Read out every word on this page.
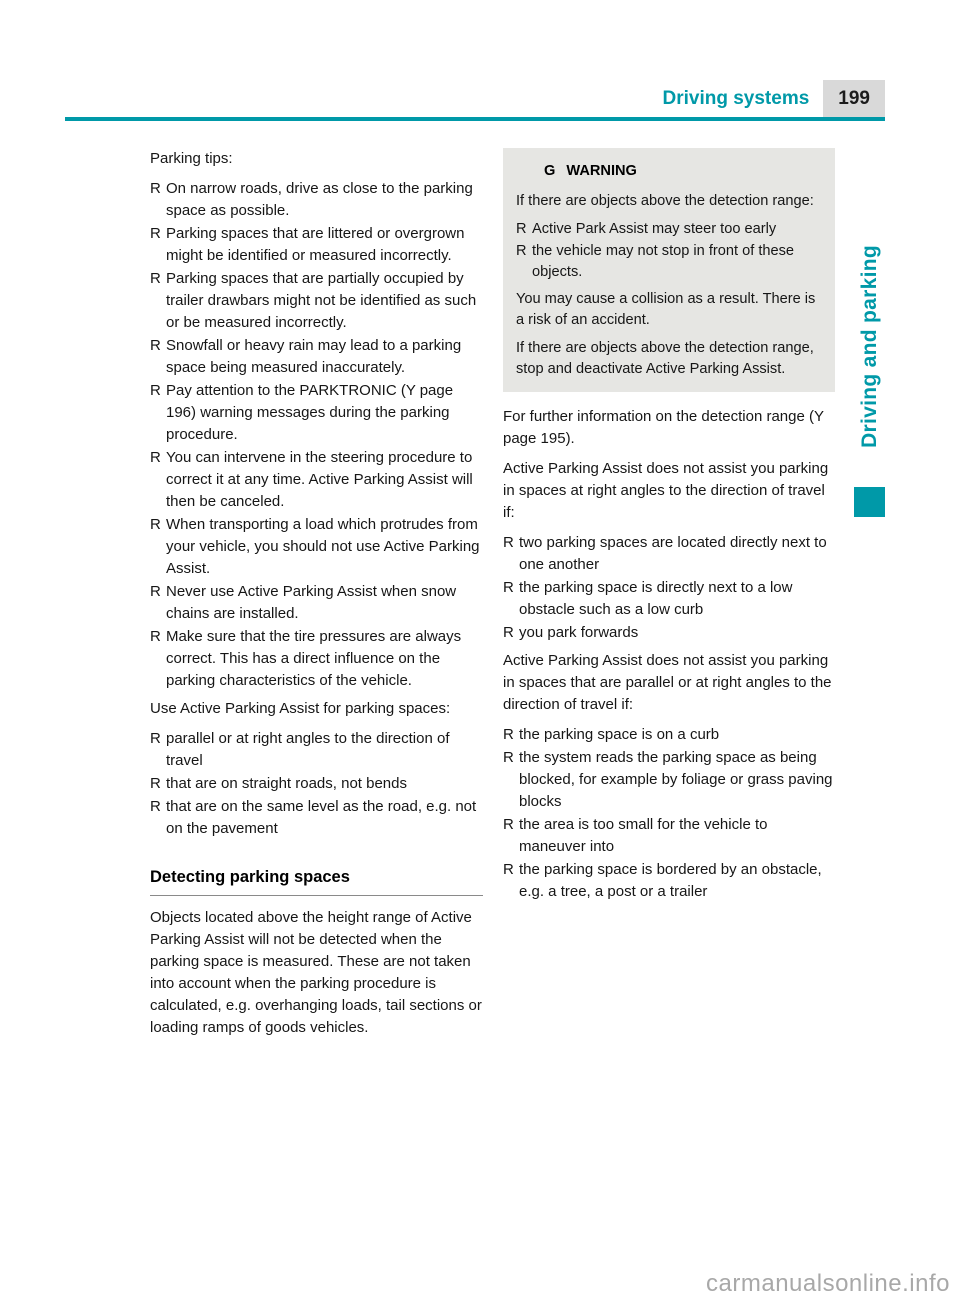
Driving systems	199
Driving and parking

Parking tips:

R On narrow roads, drive as close to the parking space as possible.
R Parking spaces that are littered or overgrown might be identified or measured incorrectly.
R Parking spaces that are partially occupied by trailer drawbars might not be identified as such or be measured incorrectly.
R Snowfall or heavy rain may lead to a parking space being measured inaccurately.
R Pay attention to the PARKTRONIC (Y page 196) warning messages during the parking procedure.
R You can intervene in the steering procedure to correct it at any time. Active Parking Assist will then be canceled.
R When transporting a load which protrudes from your vehicle, you should not use Active Parking Assist.
R Never use Active Parking Assist when snow chains are installed.
R Make sure that the tire pressures are always correct. This has a direct influence on the parking characteristics of the vehicle.

Use Active Parking Assist for parking spaces:

R parallel or at right angles to the direction of travel
R that are on straight roads, not bends
R that are on the same level as the road, e.g. not on the pavement
Detecting parking spaces

Objects located above the height range of Active Parking Assist will not be detected when the parking space is measured. These are not taken into account when the parking procedure is calculated, e.g. overhanging loads, tail sections or loading ramps of goods vehicles.

G WARNING

If there are objects above the detection range:

R Active Park Assist may steer too early
R the vehicle may not stop in front of these objects.

You may cause a collision as a result. There is a risk of an accident.

If there are objects above the detection range, stop and deactivate Active Parking Assist.

For further information on the detection range (Y page 195).

Active Parking Assist does not assist you parking in spaces at right angles to the direction of travel if:

R two parking spaces are located directly next to one another
R the parking space is directly next to a low obstacle such as a low curb
R you park forwards

Active Parking Assist does not assist you parking in spaces that are parallel or at right angles to the direction of travel if:

R the parking space is on a curb
R the system reads the parking space as being blocked, for example by foliage or grass paving blocks
R the area is too small for the vehicle to maneuver into
R the parking space is bordered by an obstacle, e.g. a tree, a post or a trailer
carmanualsonline.info
